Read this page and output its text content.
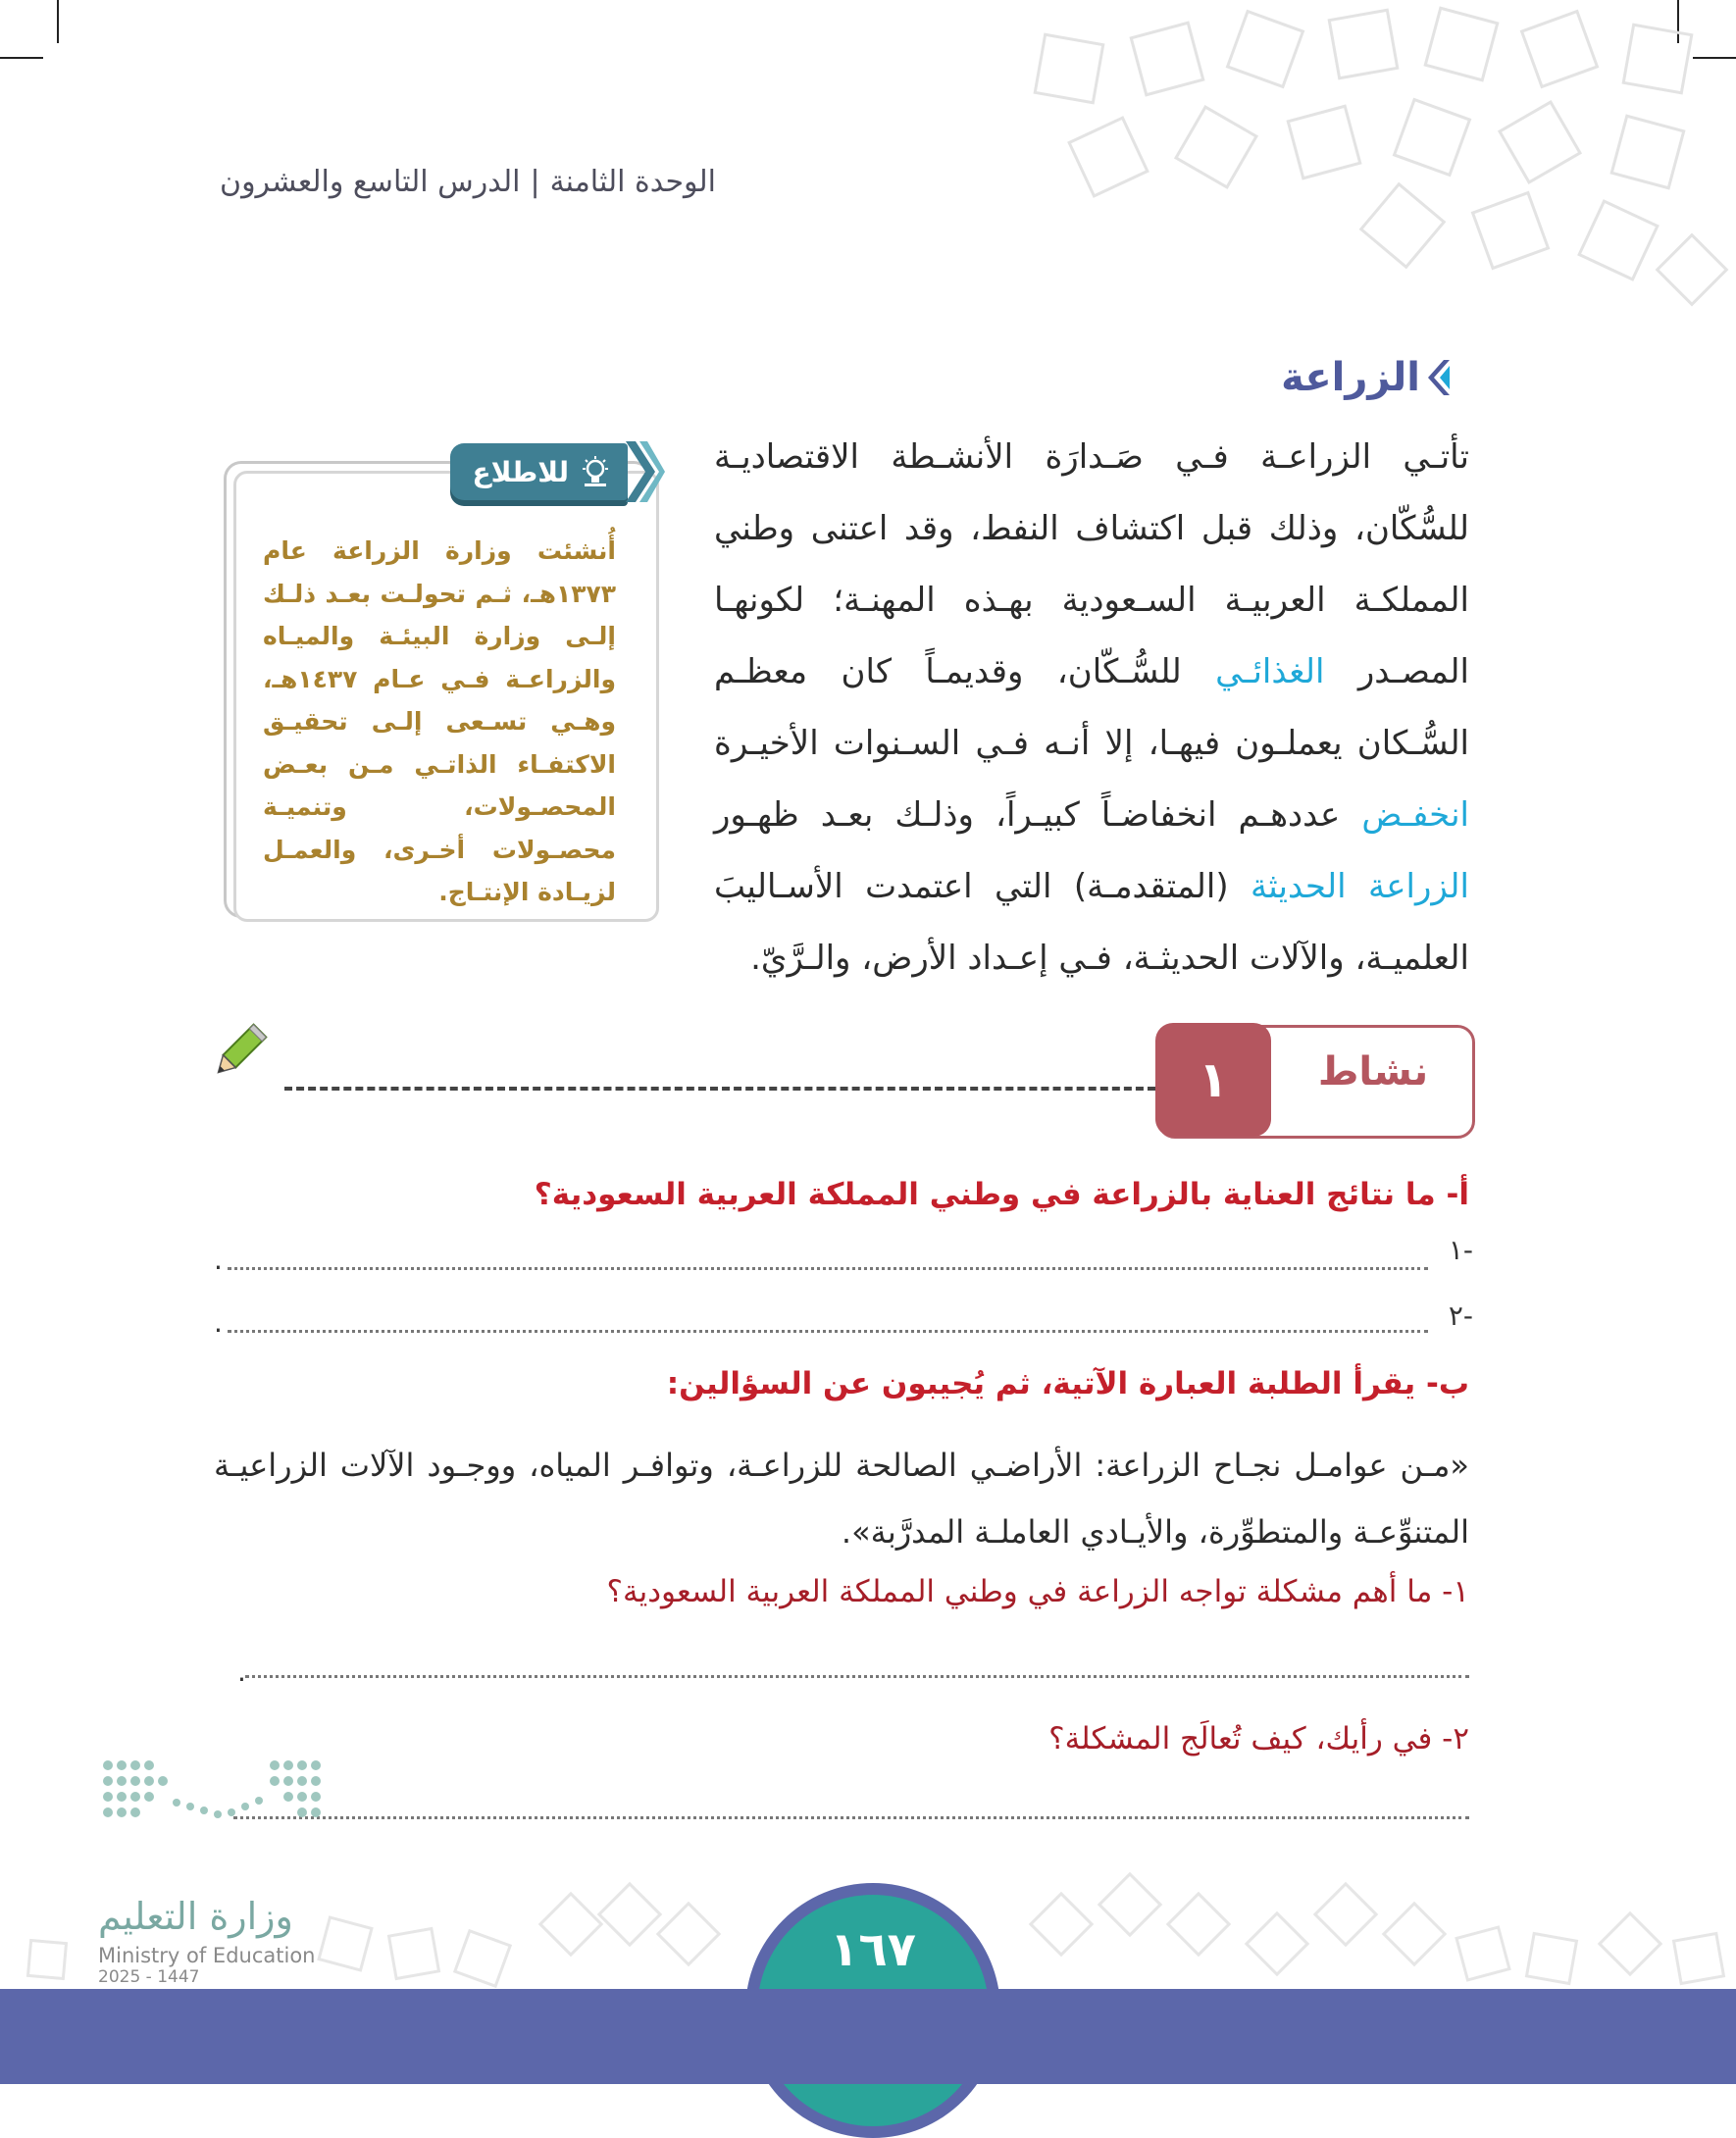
الوحدة الثامنة|الدرس التاسع والعشرون
الزراعة
تأتـي الزراعـة فـي صَـدارَة الأنشـطة الاقتصاديـة للسُّكّان، وذلك قبل اكتشاف النفط، وقد اعتنى وطني المملكـة العربيـة السـعودية بهـذه المهنـة؛ لكونهـا المصـدر الغذائـي للسُّـكّان، وقديمـاً كان معظـم السُّـكان يعملـون فيهـا، إلا أنـه فـي السـنوات الأخيـرة انخفـض عددهـم انخفاضـاً كبيـراً، وذلـك بعـد ظهـور الزراعة الحديثة (المتقدمـة) التي اعتمدت الأسـاليبَ العلميـة، والآلات الحديثـة، فـي إعـداد الأرض، والـرَّيّ.
للاطلاع
أُنشئت وزارة الزراعة عام ١٣٧٣هـ، ثـم تحولـت بعـد ذلـك إلـى وزارة البيئـة والميـاه والزراعـة فـي عـام ١٤٣٧هـ، وهـي تسـعى إلـى تحقيـق الاكتفـاء الذاتـي مـن بعـض المحصـولات، وتنميـة محصـولات أخـرى، والعمـل لزيـادة الإنتـاج.
١	نشاط
أ- ما نتائج العناية بالزراعة في وطني المملكة العربية السعودية؟
١-
.
٢-
.
ب- يقرأ الطلبة العبارة الآتية، ثم يُجيبون عن السؤالين:
«مـن عوامـل نجـاح الزراعة: الأراضـي الصالحة للزراعـة، وتوافـر المياه، ووجـود الآلات الزراعيـة المتنوِّعـة والمتطوِّرة، والأيـادي العاملـة المدرَّبة».
١- ما أهم مشكلة تواجه الزراعة في وطني المملكة العربية السعودية؟
.
٢- في رأيك، كيف تُعالَج المشكلة؟
١٦٧
وزارة التعليم
Ministry of Education
2025 - 1447
